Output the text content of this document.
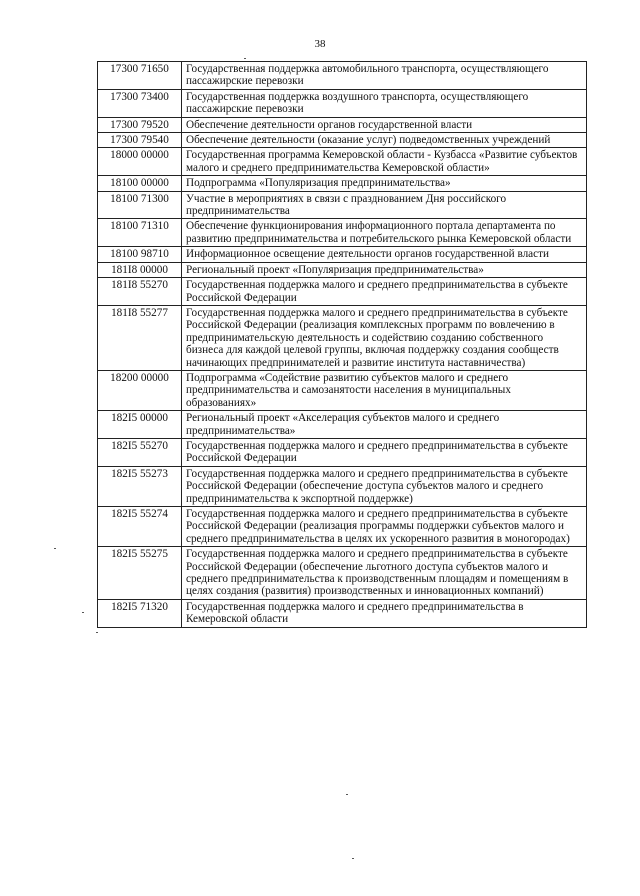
38
17300 71650	Государственная поддержка автомобильного транспорта, осуществляющего пассажирские перевозки
17300 73400	Государственная поддержка воздушного транспорта, осуществляющего пассажирские перевозки
17300 79520	Обеспечение деятельности органов государственной власти
17300 79540	Обеспечение деятельности (оказание услуг) подведомственных учреждений
18000 00000	Государственная программа Кемеровской области - Кузбасса «Развитие субъектов малого и среднего предпринимательства Кемеровской области»
18100 00000	Подпрограмма «Популяризация предпринимательства»
18100 71300	Участие в мероприятиях в связи с празднованием Дня российского предпринимательства
18100 71310	Обеспечение функционирования информационного портала департамента по развитию предпринимательства и потребительского рынка Кемеровской области
18100 98710	Информационное освещение деятельности органов государственной власти
181I8 00000	Региональный проект «Популяризация предпринимательства»
181I8 55270	Государственная поддержка малого и среднего предпринимательства в субъекте Российской Федерации
181I8 55277	Государственная поддержка малого и среднего предпринимательства в субъекте Российской Федерации (реализация комплексных программ по вовлечению в предпринимательскую деятельность и содействию созданию собственного бизнеса для каждой целевой группы, включая поддержку создания сообществ начинающих предпринимателей и развитие института наставничества)
18200 00000	Подпрограмма «Содействие развитию субъектов малого и среднего предпринимательства и самозанятости населения в муниципальных образованиях»
182I5 00000	Региональный проект «Акселерация субъектов малого и среднего предпринимательства»
182I5 55270	Государственная поддержка малого и среднего предпринимательства в субъекте Российской Федерации
182I5 55273	Государственная поддержка малого и среднего предпринимательства в субъекте Российской Федерации (обеспечение доступа субъектов малого и среднего предпринимательства к экспортной поддержке)
182I5 55274	Государственная поддержка малого и среднего предпринимательства в субъекте Российской Федерации (реализация программы поддержки субъектов малого и среднего предпринимательства в целях их ускоренного развития в моногородах)
182I5 55275	Государственная поддержка малого и среднего предпринимательства в субъекте Российской Федерации (обеспечение льготного доступа субъектов малого и среднего предпринимательства к производственным площадям и помещениям в целях создания (развития) производственных и инновационных компаний)
182I5 71320	Государственная поддержка малого и среднего предпринимательства в Кемеровской области
